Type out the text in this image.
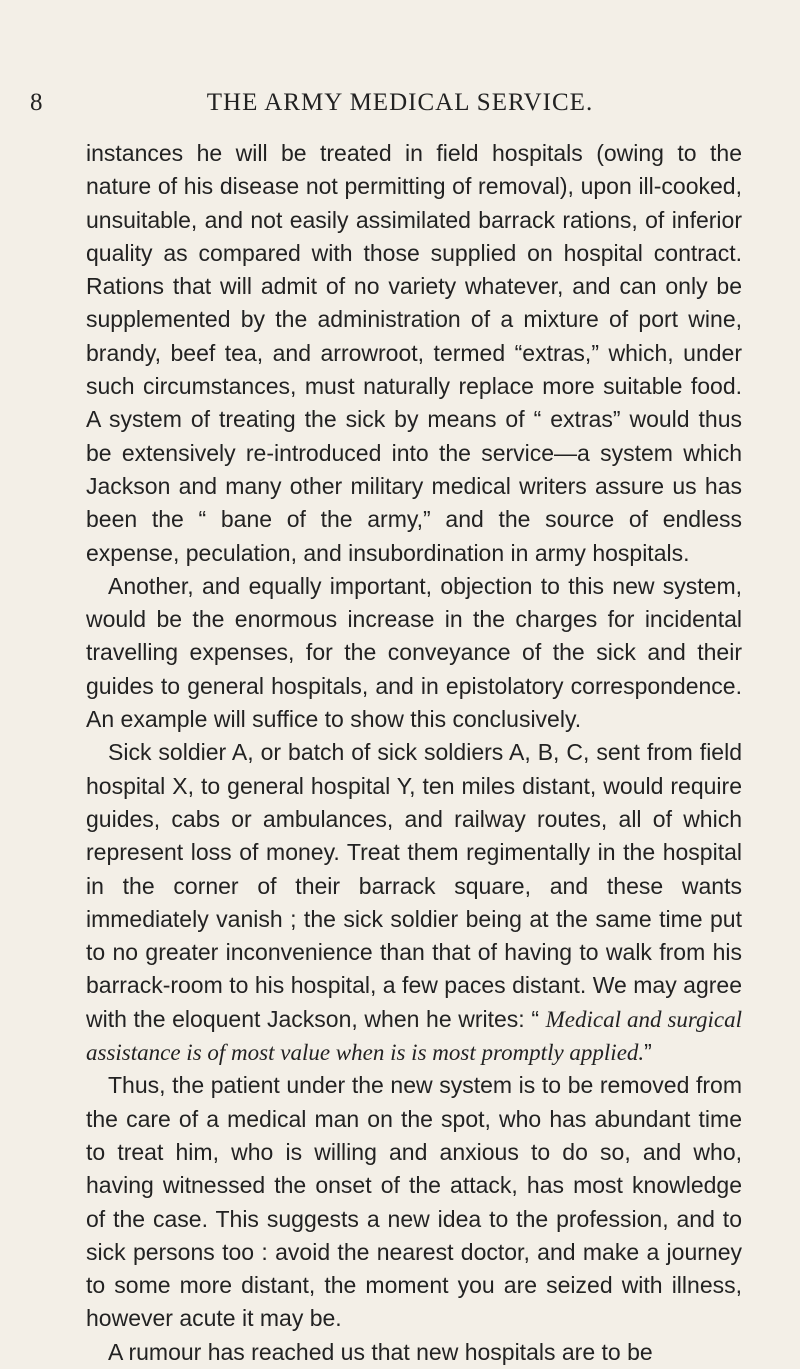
8	THE ARMY MEDICAL SERVICE.

instances he will be treated in field hospitals (owing to the nature of his disease not permitting of removal), upon ill-cooked, unsuitable, and not easily assimilated barrack rations, of inferior quality as compared with those supplied on hospital contract. Rations that will admit of no variety whatever, and can only be supplemented by the administration of a mixture of port wine, brandy, beef tea, and arrowroot, termed “extras,” which, under such circumstances, must naturally replace more suitable food. A system of treating the sick by means of “ extras” would thus be extensively re-introduced into the service—a system which Jackson and many other military medical writers assure us has been the “ bane of the army,” and the source of endless expense, peculation, and insubordination in army hospitals.

Another, and equally important, objection to this new system, would be the enormous increase in the charges for incidental travelling expenses, for the conveyance of the sick and their guides to general hospitals, and in epistolatory correspondence. An example will suffice to show this conclusively.

Sick soldier A, or batch of sick soldiers A, B, C, sent from field hospital X, to general hospital Y, ten miles distant, would require guides, cabs or ambulances, and railway routes, all of which represent loss of money. Treat them regimentally in the hospital in the corner of their barrack square, and these wants immediately vanish ; the sick soldier being at the same time put to no greater inconvenience than that of having to walk from his barrack-room to his hospital, a few paces distant. We may agree with the eloquent Jackson, when he writes: “ Medical and surgical assistance is of most value when is is most promptly applied.”

Thus, the patient under the new system is to be removed from the care of a medical man on the spot, who has abundant time to treat him, who is willing and anxious to do so, and who, having witnessed the onset of the attack, has most knowledge of the case. This suggests a new idea to the profession, and to sick persons too : avoid the nearest doctor, and make a journey to some more distant, the moment you are seized with illness, however acute it may be.

A rumour has reached us that new hospitals are to be
